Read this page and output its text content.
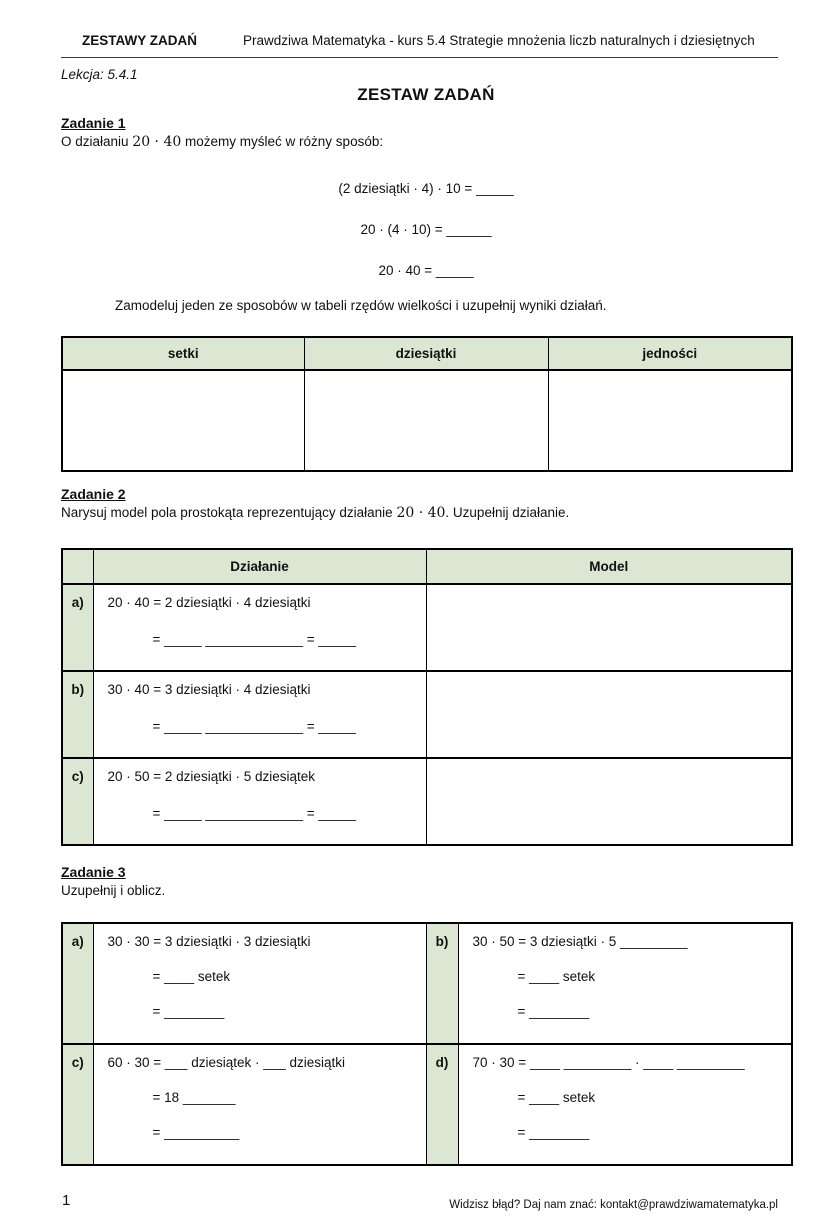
ZESTAWY ZADAŃ	Prawdziwa Matematyka - kurs 5.4 Strategie mnożenia liczb naturalnych i dziesiętnych
Lekcja: 5.4.1
ZESTAW ZADAŃ
Zadanie 1
O działaniu 20 · 40 możemy myśleć w różny sposób:
(2 dziesiątki · 4) · 10 = _____
20 · (4 · 10) = ______
20 · 40 = _____
Zamodeluj jeden ze sposobów w tabeli rzędów wielkości i uzupełnij wyniki działań.
setki	dziesiątki	jedności

Zadanie 2
Narysuj model pola prostokąta reprezentujący działanie 20 · 40. Uzupełnij działanie.
	Działanie	Model
a)	20 · 40 = 2 dziesiątki · 4 dziesiątki
= _____ _____________ = _____	

b)	30 · 40 = 3 dziesiątki · 4 dziesiątki
= _____ _____________ = _____	

c)	20 · 50 = 2 dziesiątki · 5 dziesiątek
= _____ _____________ = _____	

Zadanie 3
Uzupełnij i oblicz.
a)	30 · 30 = 3 dziesiątki · 3 dziesiątki
= ____ setek
= ________
	b)	30 · 50 = 3 dziesiątki · 5 _________
= ____ setek
= ________

c)	60 · 30 = ___ dziesiątek · ___ dziesiątki
= 18 _______
= __________
	d)	70 · 30 = ____ _________ · ____ _________
= ____ setek
= ________
1	Widzisz błąd? Daj nam znać: kontakt@prawdziwamatematyka.pl
